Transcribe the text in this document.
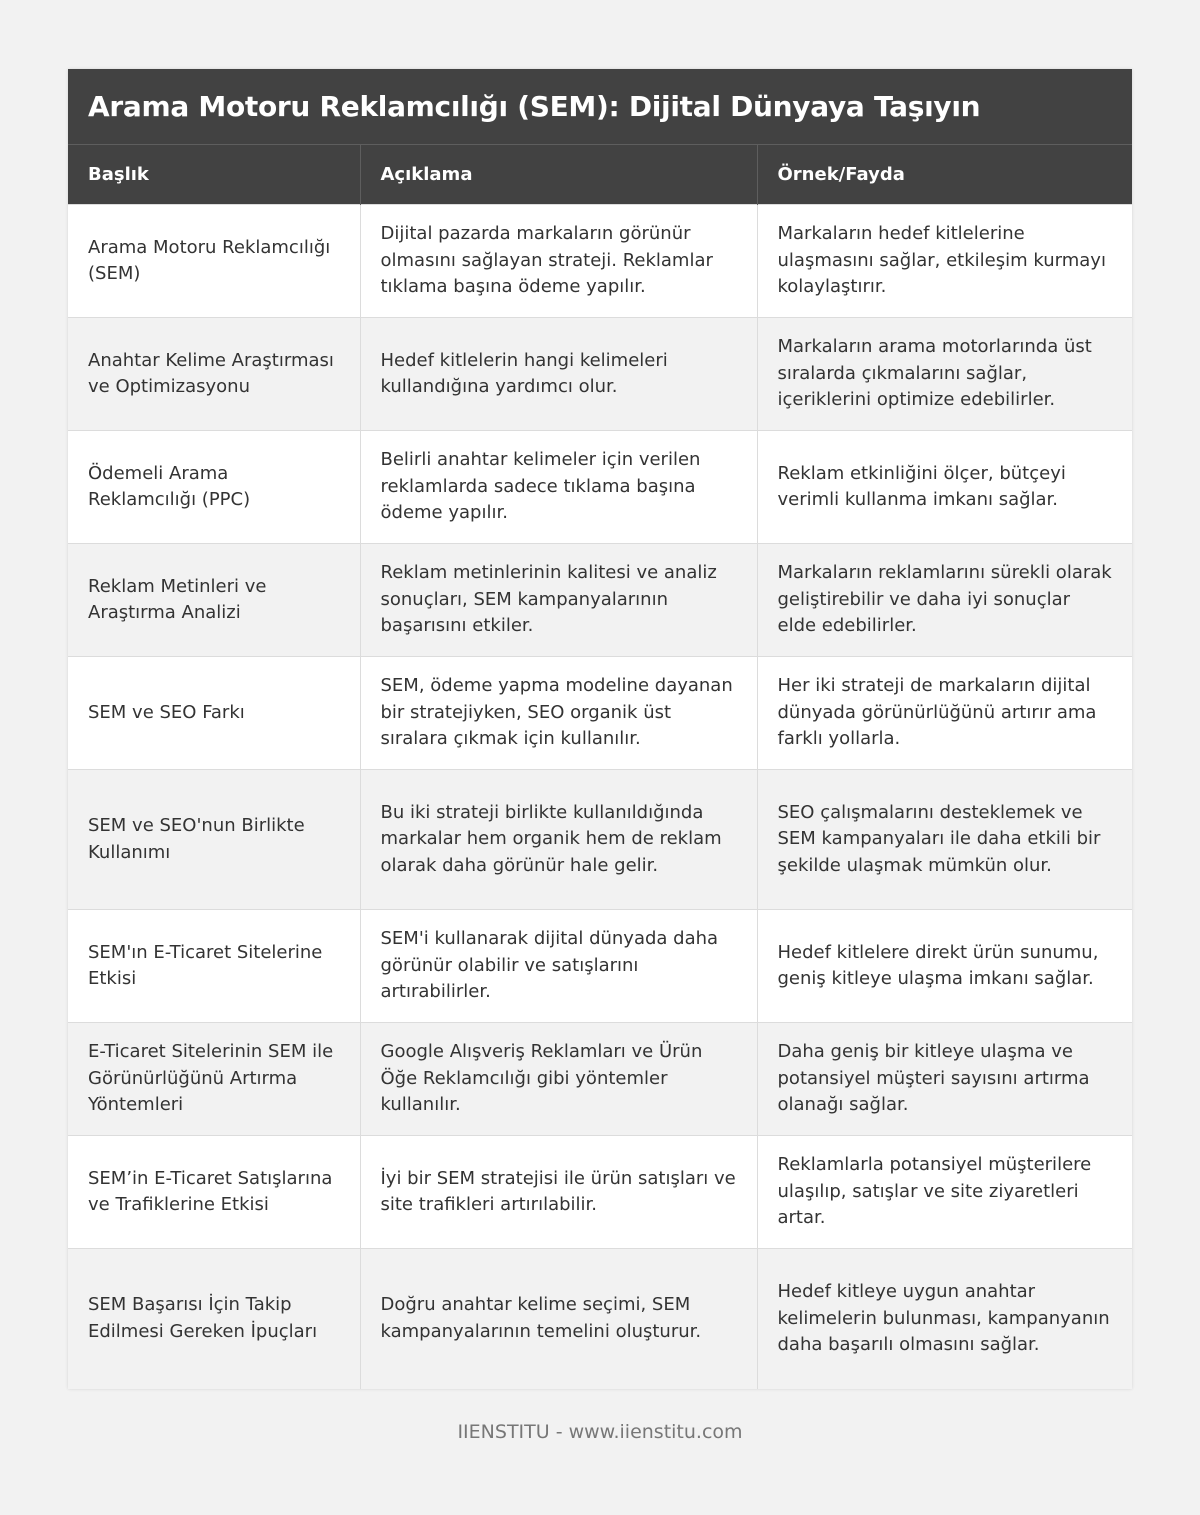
Arama Motoru Reklamcılığı (SEM): Dijital Dünyaya Taşıyın
Başlık	Açıklama	Örnek/Fayda
Arama Motoru Reklamcılığı (SEM)	Dijital pazarda markaların görünür olmasını sağlayan strateji. Reklamlar tıklama başına ödeme yapılır.	Markaların hedef kitlelerine ulaşmasını sağlar, etkileşim kurmayı kolaylaştırır.
Anahtar Kelime Araştırması ve Optimizasyonu	Hedef kitlelerin hangi kelimeleri kullandığına yardımcı olur.	Markaların arama motorlarında üst sıralarda çıkmalarını sağlar, içeriklerini optimize edebilirler.
Ödemeli Arama Reklamcılığı (PPC)	Belirli anahtar kelimeler için verilen reklamlarda sadece tıklama başına ödeme yapılır.	Reklam etkinliğini ölçer, bütçeyi verimli kullanma imkanı sağlar.
Reklam Metinleri ve Araştırma Analizi	Reklam metinlerinin kalitesi ve analiz sonuçları, SEM kampanyalarının başarısını etkiler.	Markaların reklamlarını sürekli olarak geliştirebilir ve daha iyi sonuçlar elde edebilirler.
SEM ve SEO Farkı	SEM, ödeme yapma modeline dayanan bir stratejiyken, SEO organik üst sıralara çıkmak için kullanılır.	Her iki strateji de markaların dijital dünyada görünürlüğünü artırır ama farklı yollarla.
SEM ve SEO'nun Birlikte Kullanımı	Bu iki strateji birlikte kullanıldığında markalar hem organik hem de reklam olarak daha görünür hale gelir.	SEO çalışmalarını desteklemek ve SEM kampanyaları ile daha etkili bir şekilde ulaşmak mümkün olur.
SEM'ın E-Ticaret Sitelerine Etkisi	SEM'i kullanarak dijital dünyada daha görünür olabilir ve satışlarını artırabilirler.	Hedef kitlelere direkt ürün sunumu, geniş kitleye ulaşma imkanı sağlar.
E-Ticaret Sitelerinin SEM ile Görünürlüğünü Artırma Yöntemleri	Google Alışveriş Reklamları ve Ürün Öğe Reklamcılığı gibi yöntemler kullanılır.	Daha geniş bir kitleye ulaşma ve potansiyel müşteri sayısını artırma olanağı sağlar.
SEM’in E-Ticaret Satışlarına ve Trafiklerine Etkisi	İyi bir SEM stratejisi ile ürün satışları ve site trafikleri artırılabilir.	Reklamlarla potansiyel müşterilere ulaşılıp, satışlar ve site ziyaretleri artar.
SEM Başarısı İçin Takip Edilmesi Gereken İpuçları	Doğru anahtar kelime seçimi, SEM kampanyalarının temelini oluşturur.	Hedef kitleye uygun anahtar kelimelerin bulunması, kampanyanın daha başarılı olmasını sağlar.
IIENSTITU - www.iienstitu.com
